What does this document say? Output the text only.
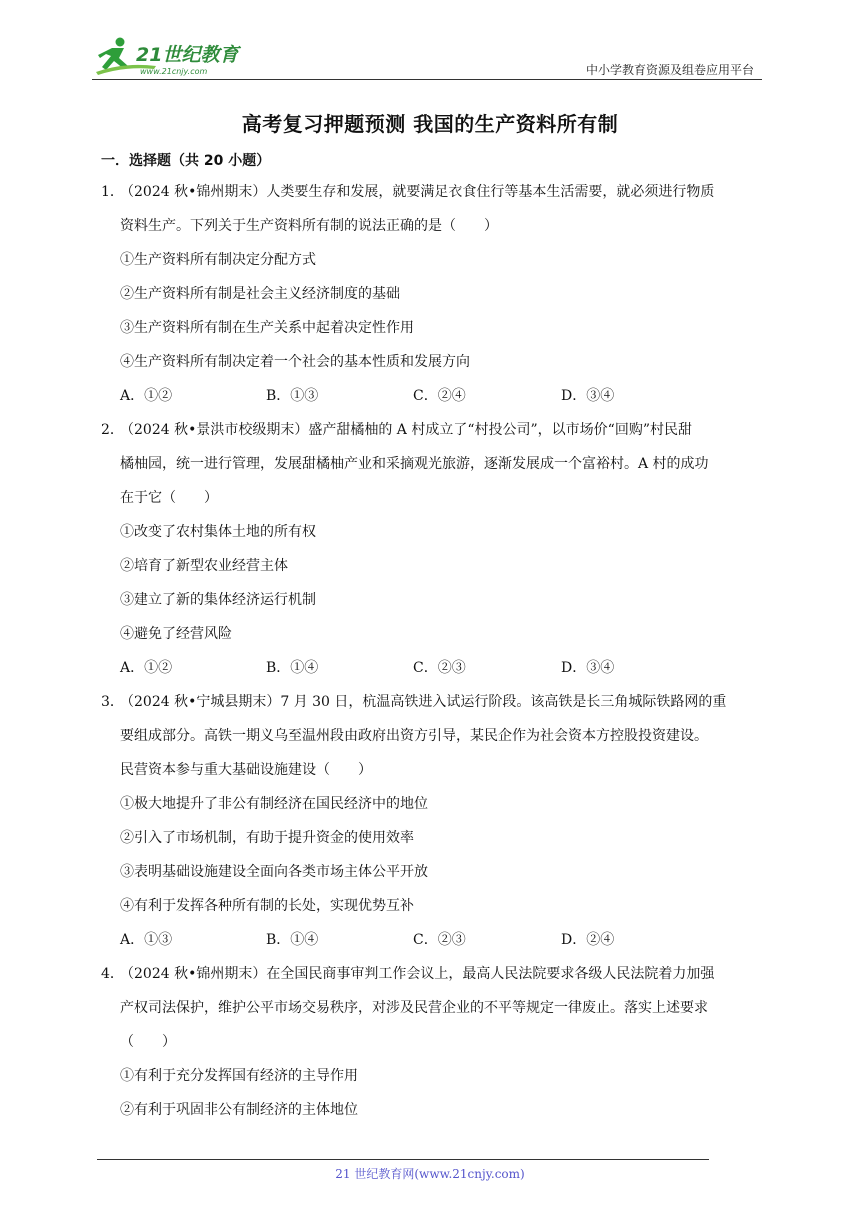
21世纪教育
www.21cnjy.com	中小学教育资源及组卷应用平台
高考复习押题预测 我国的生产资料所有制
一．选择题（共 20 小题）
1．
（2024 秋•锦州期末）人类要生存和发展，就要满足衣食住行等基本生活需要，就必须进行物质
资料生产。下列关于生产资料所有制的说法正确的是（　　）
①生产资料所有制决定分配方式
②生产资料所有制是社会主义经济制度的基础
③生产资料所有制在生产关系中起着决定性作用
④生产资料所有制决定着一个社会的基本性质和发展方向
A．①②	B．①③	C．②④	D．③④
2．
（2024 秋•景洪市校级期末）盛产甜橘柚的 A 村成立了“村投公司”，以市场价“回购”村民甜
橘柚园，统一进行管理，发展甜橘柚产业和采摘观光旅游，逐渐发展成一个富裕村。A 村的成功
在于它（　　）
①改变了农村集体土地的所有权
②培育了新型农业经营主体
③建立了新的集体经济运行机制
④避免了经营风险
A．①②	B．①④	C．②③	D．③④
3．
（2024 秋•宁城县期末）7 月 30 日，杭温高铁进入试运行阶段。该高铁是长三角城际铁路网的重
要组成部分。高铁一期义乌至温州段由政府出资方引导，某民企作为社会资本方控股投资建设。
民营资本参与重大基础设施建设（　　）
①极大地提升了非公有制经济在国民经济中的地位
②引入了市场机制，有助于提升资金的使用效率
③表明基础设施建设全面向各类市场主体公平开放
④有利于发挥各种所有制的长处，实现优势互补
A．①③	B．①④	C．②③	D．②④
4．
（2024 秋•锦州期末）在全国民商事审判工作会议上，最高人民法院要求各级人民法院着力加强
产权司法保护，维护公平市场交易秩序，对涉及民营企业的不平等规定一律废止。落实上述要求
（　　）
①有利于充分发挥国有经济的主导作用
②有利于巩固非公有制经济的主体地位
21 世纪教育网(www.21cnjy.com)
